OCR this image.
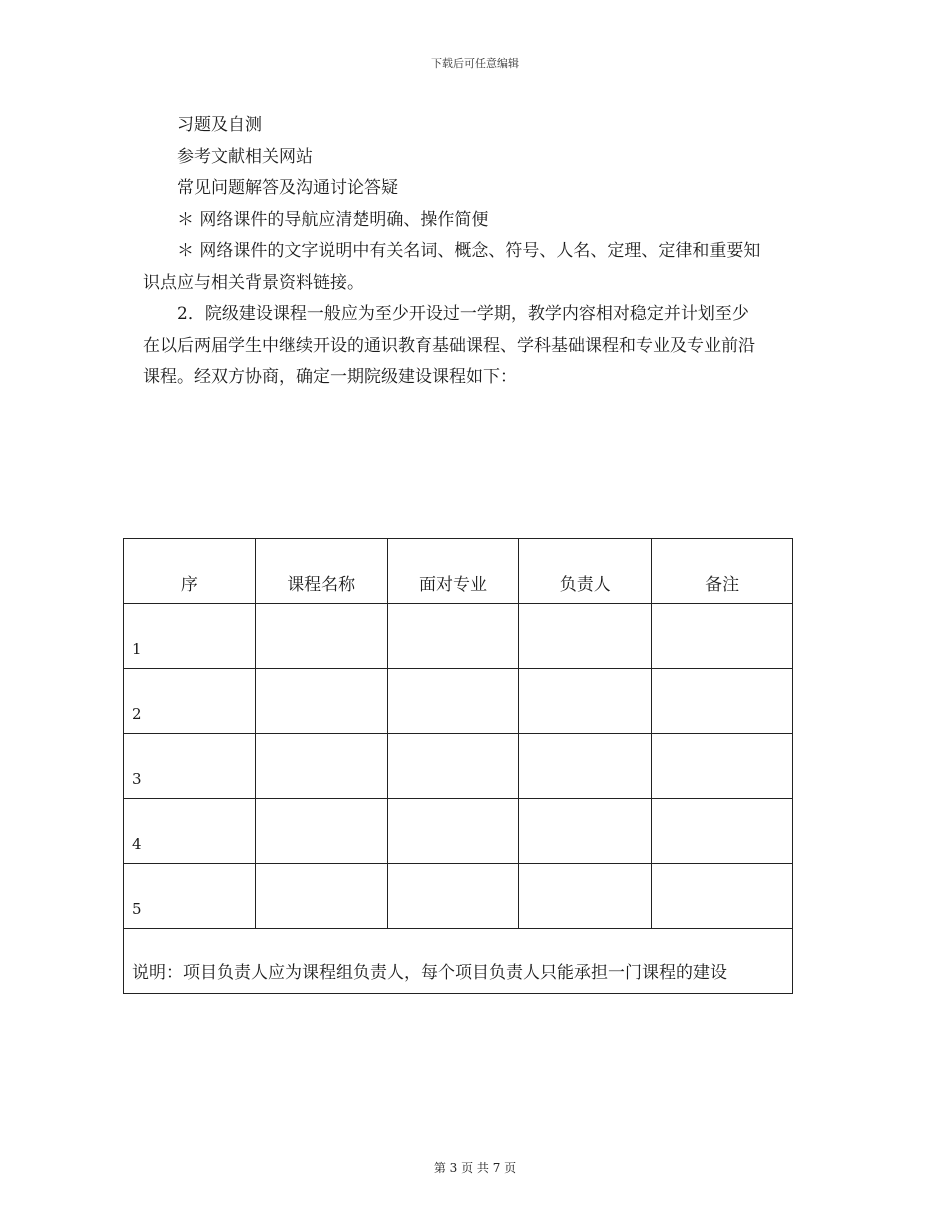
下载后可任意编辑
习题及自测
参考文献相关网站
常见问题解答及沟通讨论答疑
＊ 网络课件的导航应清楚明确、操作简便
＊ 网络课件的文字说明中有关名词、概念、符号、人名、定理、定律和重要知
识点应与相关背景资料链接。
2．院级建设课程一般应为至少开设过一学期，教学内容相对稳定并计划至少
在以后两届学生中继续开设的通识教育基础课程、学科基础课程和专业及专业前沿
课程。经双方协商，确定一期院级建设课程如下：
序	课程名称	面对专业	负责人	备注
1				
2				
3				
4				
5				
说明：项目负责人应为课程组负责人，每个项目负责人只能承担一门课程的建设				
第 3 页 共 7 页
